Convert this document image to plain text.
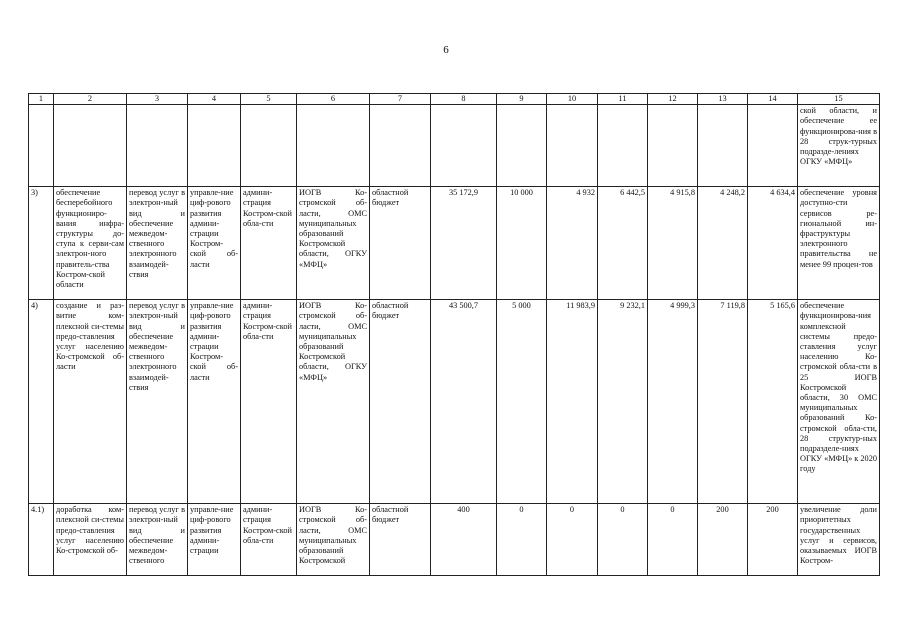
6
1	2	3	4	5	6	7	8	9	10	11	12	13	14	15
														ской области, и обеспечение ее функционирова-ния в 28 струк-турных подразде-лениях ОГКУ «МФЦ»
3)	обеспечение бесперебойного функциониро-вания инфра-структуры до-ступа к серви-сам электрон-ного правитель-ства Костром-ской области	перевод услуг в электрон-ный вид и обеспечение межведом-ственного электронного взаимодей-ствия	управле-ние циф-рового развития админи-страции Костром-ской об-ласти	админи-страция Костром-ской обла-сти	ИОГВ Ко-стромской об-ласти, ОМС муниципальных образований Костромской области, ОГКУ «МФЦ»	областной бюджет	35 172,9	10 000	4 932	6 442,5	4 915,8	4 248,2	4 634,4	обеспечение уровня доступно-сти сервисов ре-гиональной ин-фраструктуры электронного правительства не менее 99 процен-тов
4)	создание и раз-витие ком-плексной си-стемы предо-ставления услуг населению Ко-стромской об-ласти	перевод услуг в электрон-ный вид и обеспечение межведом-ственного электронного взаимодей-ствия	управле-ние циф-рового развития админи-страции Костром-ской об-ласти	админи-страция Костром-ской обла-сти	ИОГВ Ко-стромской об-ласти, ОМС муниципальных образований Костромской области, ОГКУ «МФЦ»	областной бюджет	43 500,7	5 000	11 983,9	9 232,1	4 999,3	7 119,8	5 165,6	обеспечение функционирова-ния комплексной системы предо-ставления услуг населению Ко-стромской обла-сти в 25 ИОГВ Костромской области, 30 ОМС муниципальных образований Ко-стромской обла-сти, 28 структур-ных подразделе-ниях ОГКУ «МФЦ» к 2020 году
4.1)	доработка ком-плексной си-стемы предо-ставления услуг населению Ко-стромской об-	перевод услуг в электрон-ный вид и обеспечение межведом-ственного	управле-ние циф-рового развития админи-страции	админи-страция Костром-ской обла-сти	ИОГВ Ко-стромской об-ласти, ОМС муниципальных образований Костромской	областной бюджет	400	0	0	0	0	200	200	увеличение доли приоритетных государственных услуг и сервисов, оказываемых ИОГВ Костром-
